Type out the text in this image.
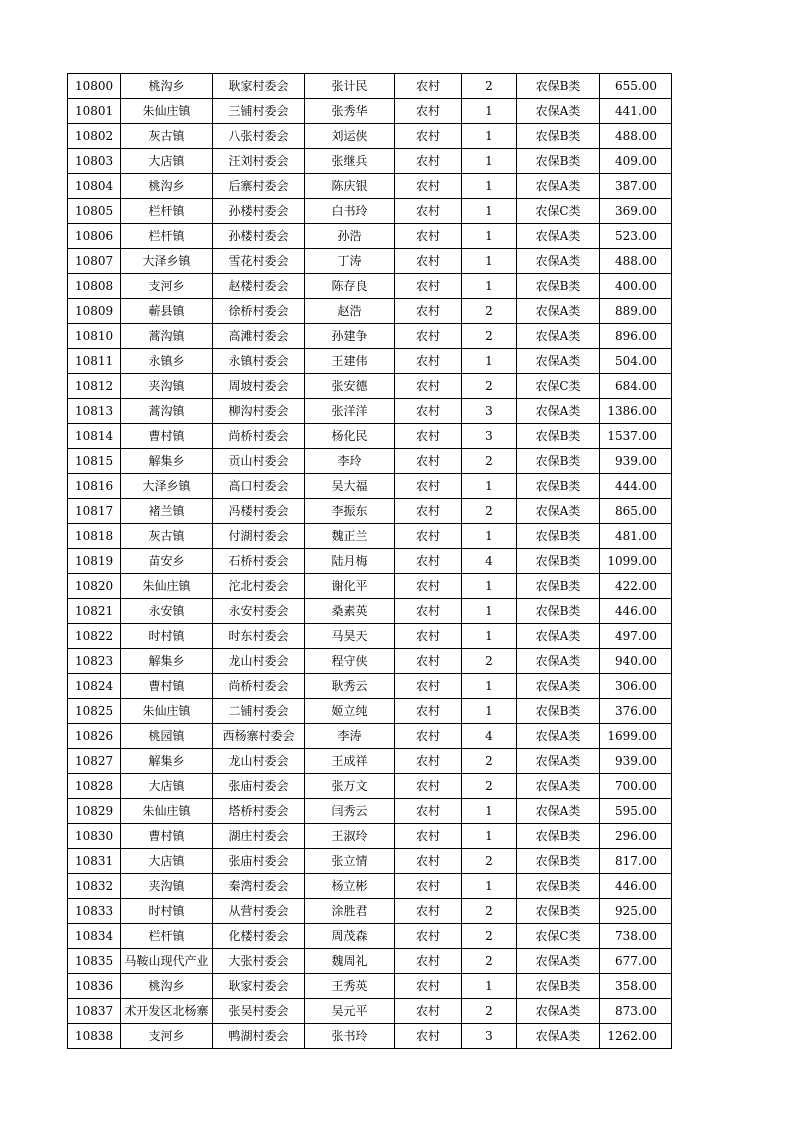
10800	桃沟乡	耿家村委会	张计民	农村	2	农保B类	655.00
10801	朱仙庄镇	三铺村委会	张秀华	农村	1	农保A类	441.00
10802	灰古镇	八张村委会	刘运侠	农村	1	农保B类	488.00
10803	大店镇	汪刘村委会	张继兵	农村	1	农保B类	409.00
10804	桃沟乡	后寨村委会	陈庆银	农村	1	农保A类	387.00
10805	栏杆镇	孙楼村委会	白书玲	农村	1	农保C类	369.00
10806	栏杆镇	孙楼村委会	孙浩	农村	1	农保A类	523.00
10807	大泽乡镇	雪花村委会	丁涛	农村	1	农保A类	488.00
10808	支河乡	赵楼村委会	陈存良	农村	1	农保B类	400.00
10809	蕲县镇	徐桥村委会	赵浩	农村	2	农保A类	889.00
10810	蒿沟镇	高滩村委会	孙建争	农村	2	农保A类	896.00
10811	永镇乡	永镇村委会	王建伟	农村	1	农保A类	504.00
10812	夹沟镇	周坡村委会	张安德	农村	2	农保C类	684.00
10813	蒿沟镇	柳沟村委会	张洋洋	农村	3	农保A类	1386.00
10814	曹村镇	尚桥村委会	杨化民	农村	3	农保B类	1537.00
10815	解集乡	贡山村委会	李玲	农村	2	农保B类	939.00
10816	大泽乡镇	高口村委会	吴大福	农村	1	农保B类	444.00
10817	褚兰镇	冯楼村委会	李振东	农村	2	农保A类	865.00
10818	灰古镇	付湖村委会	魏正兰	农村	1	农保B类	481.00
10819	苗安乡	石桥村委会	陆月梅	农村	4	农保B类	1099.00
10820	朱仙庄镇	沱北村委会	谢化平	农村	1	农保B类	422.00
10821	永安镇	永安村委会	桑素英	农村	1	农保B类	446.00
10822	时村镇	时东村委会	马昊天	农村	1	农保A类	497.00
10823	解集乡	龙山村委会	程守侠	农村	2	农保A类	940.00
10824	曹村镇	尚桥村委会	耿秀云	农村	1	农保A类	306.00
10825	朱仙庄镇	二铺村委会	姬立纯	农村	1	农保B类	376.00
10826	桃园镇	西杨寨村委会	李涛	农村	4	农保A类	1699.00
10827	解集乡	龙山村委会	王成祥	农村	2	农保A类	939.00
10828	大店镇	张庙村委会	张万文	农村	2	农保A类	700.00
10829	朱仙庄镇	塔桥村委会	闫秀云	农村	1	农保A类	595.00
10830	曹村镇	湖庄村委会	王淑玲	农村	1	农保B类	296.00
10831	大店镇	张庙村委会	张立情	农村	2	农保B类	817.00
10832	夹沟镇	秦湾村委会	杨立彬	农村	1	农保B类	446.00
10833	时村镇	从营村委会	涂胜君	农村	2	农保B类	925.00
10834	栏杆镇	化楼村委会	周茂森	农村	2	农保C类	738.00
10835	马鞍山现代产业	大张村委会	魏周礼	农村	2	农保A类	677.00
10836	桃沟乡	耿家村委会	王秀英	农村	1	农保B类	358.00
10837	术开发区北杨寨	张吴村委会	吴元平	农村	2	农保A类	873.00
10838	支河乡	鸭湖村委会	张书玲	农村	3	农保A类	1262.00
